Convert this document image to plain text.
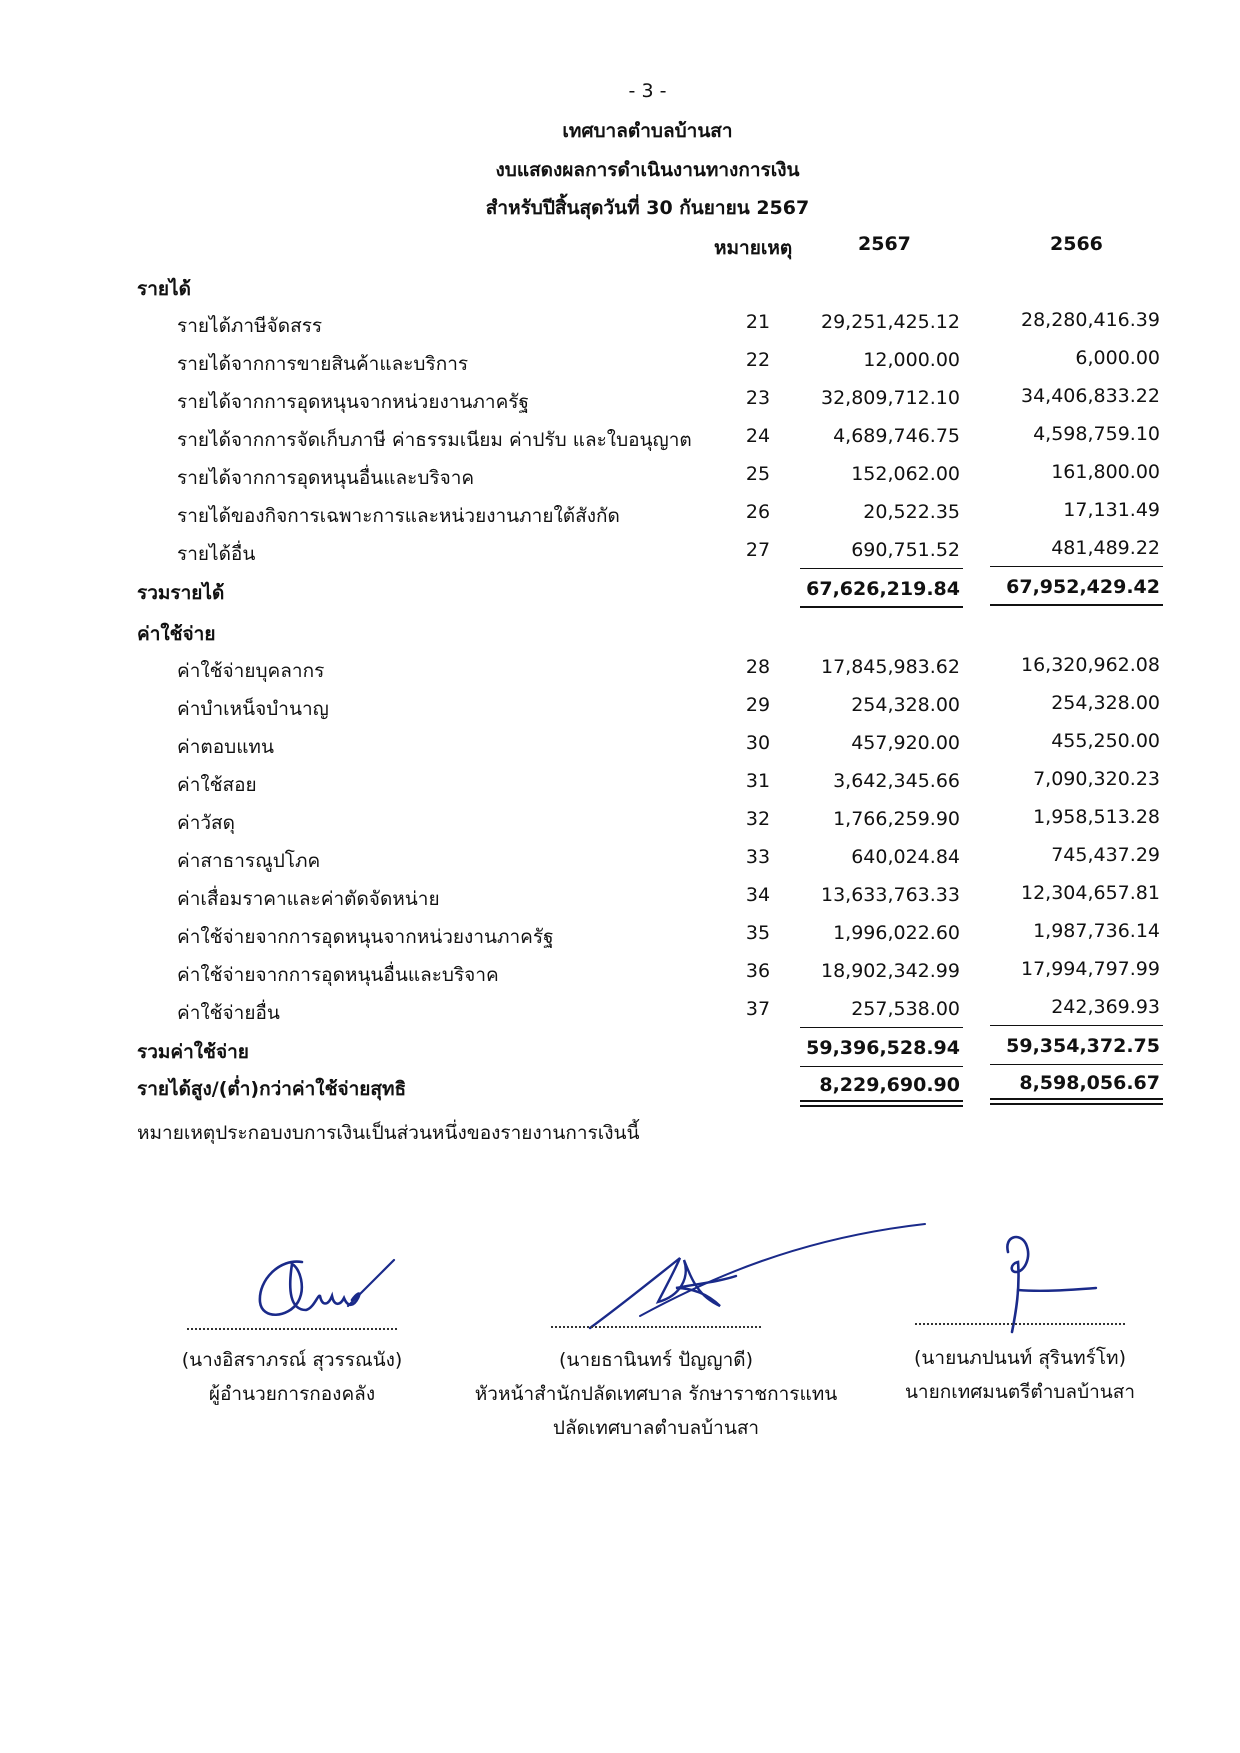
- 3 -
เทศบาลตำบลบ้านสา
งบแสดงผลการดำเนินงานทางการเงิน
สำหรับปีสิ้นสุดวันที่ 30 กันยายน 2567
หมายเหตุ	2567	2566
รายได้
รายได้ภาษีจัดสรร	21	29,251,425.12	28,280,416.39
รายได้จากการขายสินค้าและบริการ	22	12,000.00	6,000.00
รายได้จากการอุดหนุนจากหน่วยงานภาครัฐ	23	32,809,712.10	34,406,833.22
รายได้จากการจัดเก็บภาษี ค่าธรรมเนียม ค่าปรับ และใบอนุญาต	24	4,689,746.75	4,598,759.10
รายได้จากการอุดหนุนอื่นและบริจาค	25	152,062.00	161,800.00
รายได้ของกิจการเฉพาะการและหน่วยงานภายใต้สังกัด	26	20,522.35	17,131.49
รายได้อื่น	27	690,751.52	481,489.22
รวมรายได้	67,626,219.84	67,952,429.42
ค่าใช้จ่าย
ค่าใช้จ่ายบุคลากร	28	17,845,983.62	16,320,962.08
ค่าบำเหน็จบำนาญ	29	254,328.00	254,328.00
ค่าตอบแทน	30	457,920.00	455,250.00
ค่าใช้สอย	31	3,642,345.66	7,090,320.23
ค่าวัสดุ	32	1,766,259.90	1,958,513.28
ค่าสาธารณูปโภค	33	640,024.84	745,437.29
ค่าเสื่อมราคาและค่าตัดจัดหน่าย	34	13,633,763.33	12,304,657.81
ค่าใช้จ่ายจากการอุดหนุนจากหน่วยงานภาครัฐ	35	1,996,022.60	1,987,736.14
ค่าใช้จ่ายจากการอุดหนุนอื่นและบริจาค	36	18,902,342.99	17,994,797.99
ค่าใช้จ่ายอื่น	37	257,538.00	242,369.93
รวมค่าใช้จ่าย	59,396,528.94	59,354,372.75
รายได้สูง/(ต่ำ)กว่าค่าใช้จ่ายสุทธิ	8,229,690.90	8,598,056.67
หมายเหตุประกอบงบการเงินเป็นส่วนหนึ่งของรายงานการเงินนี้
(นางอิสราภรณ์ สุวรรณนัง)
ผู้อำนวยการกองคลัง
(นายธานินทร์ ปัญญาดี)
หัวหน้าสำนักปลัดเทศบาล รักษาราชการแทน
ปลัดเทศบาลตำบลบ้านสา
(นายนภปนนท์ สุรินทร์โท)
นายกเทศมนตรีตำบลบ้านสา
